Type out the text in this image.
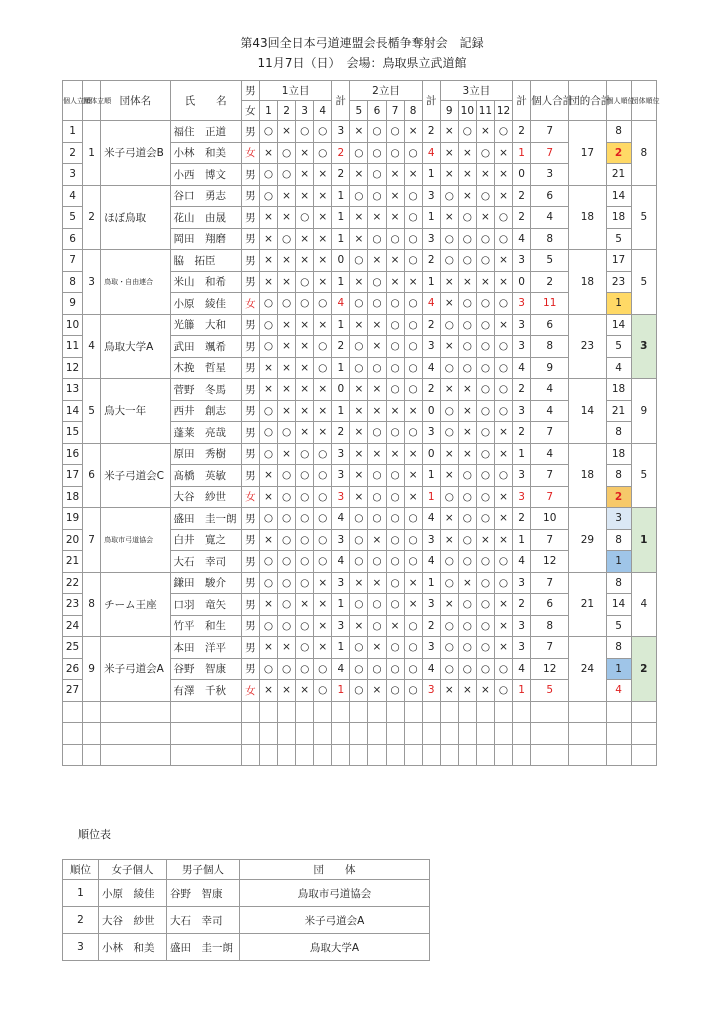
第43回全日本弓道連盟会長楯争奪射会　記録
11月7日（日）　会場：鳥取県立武道館
個人立順	団体立順	団体名	氏　　名	男	1立目				計	2立目				計	3立目				計	個人合計	団的合計	個人順位	団体順位
				女	1	2	3	4		5	6	7	8		9	10	11	12					
1	1	米子弓道会B	福住　正道	男	○	×	○	○	3	×	○	○	×	2	×	○	×	○	2	7	17	8	8
2			小林　和美	女	×	○	×	○	2	○	○	○	○	4	×	×	○	×	1	7		2	
3			小西　博文	男	○	○	×	×	2	×	○	×	×	1	×	×	×	×	0	3		21	
4	2	ほぼ鳥取	谷口　勇志	男	○	×	×	×	1	○	○	×	○	3	○	×	○	×	2	6	18	14	5
5			花山　由晟	男	×	×	○	×	1	×	×	×	○	1	×	○	×	○	2	4		18	
6			岡田　翔磨	男	×	○	×	×	1	×	○	○	○	3	○	○	○	○	4	8		5	
7	3	鳥取・自由連合	脇　拓臣	男	×	×	×	×	0	○	×	×	○	2	○	○	○	×	3	5	18	17	5
8			米山　和希	男	×	×	○	×	1	×	○	×	×	1	×	×	×	×	0	2		23	
9			小原　綾佳	女	○	○	○	○	4	○	○	○	○	4	×	○	○	○	3	11		1	
10	4	鳥取大学A	光籐　大和	男	○	×	×	×	1	×	×	○	○	2	○	○	○	×	3	6	23	14	3
11			武田　颯希	男	○	×	×	○	2	○	×	○	○	3	×	○	○	○	3	8		5	
12			木挽　哲星	男	×	×	×	○	1	○	○	○	○	4	○	○	○	○	4	9		4	
13	5	鳥大一年	菅野　冬馬	男	×	×	×	×	0	×	×	○	○	2	×	×	○	○	2	4	14	18	9
14			西井　創志	男	○	×	×	×	1	×	×	×	×	0	○	×	○	○	3	4		21	
15			蓬莱　亮哉	男	○	○	×	×	2	×	○	○	○	3	○	×	○	×	2	7		8	
16	6	米子弓道会C	原田　秀樹	男	○	×	○	○	3	×	×	×	×	0	×	×	○	×	1	4	18	18	5
17			髙橋　英敏	男	×	○	○	○	3	×	○	○	×	1	×	○	○	○	3	7		8	
18			大谷　紗世	女	×	○	○	○	3	×	○	○	×	1	○	○	○	×	3	7		2	
19	7	鳥取市弓道協会	盛田　圭一朗	男	○	○	○	○	4	○	○	○	○	4	×	○	○	×	2	10	29	3	1
20			白井　寛之	男	×	○	○	○	3	○	×	○	○	3	×	○	×	×	1	7		8	
21			大石　幸司	男	○	○	○	○	4	○	○	○	○	4	○	○	○	○	4	12		1	
22	8	チーム王座	鎌田　駿介	男	○	○	○	×	3	×	×	○	×	1	○	×	○	○	3	7	21	8	4
23			口羽　竜矢	男	×	○	×	×	1	○	○	○	×	3	×	○	○	×	2	6		14	
24			竹平　和生	男	○	○	○	×	3	×	○	×	○	2	○	○	○	×	3	8		5	
25	9	米子弓道会A	本田　洋平	男	×	×	○	×	1	○	×	○	○	3	○	○	○	×	3	7	24	8	2
26			谷野　智康	男	○	○	○	○	4	○	○	○	○	4	○	○	○	○	4	12		1	
27			有澤　千秋	女	×	×	×	○	1	○	×	○	○	3	×	×	×	○	1	5		4	

順位表
順位	女子個人	男子個人	団　　体
1	小原　綾佳	谷野　智康	鳥取市弓道協会
2	大谷　紗世	大石　幸司	米子弓道会A
3	小林　和美	盛田　圭一朗	鳥取大学A
